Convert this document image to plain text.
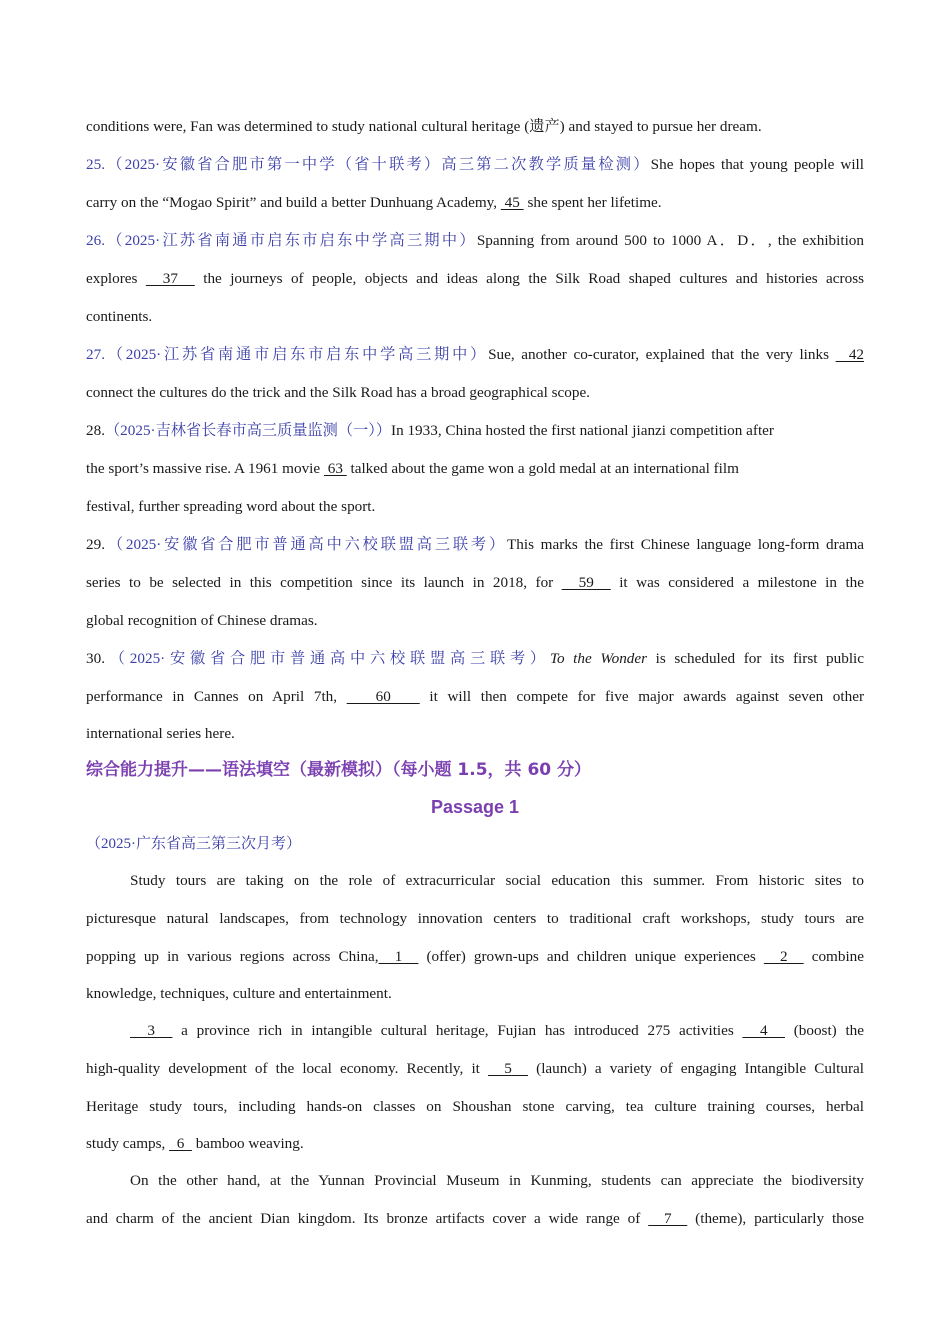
conditions were, Fan was determined to study national cultural heritage (遗产) and stayed to pursue her dream.
25.（2025·安徽省合肥市第一中学（省十联考）高三第二次教学质量检测）She hopes that young people will
carry on the “Mogao Spirit” and build a better Dunhuang Academy,  45  she spent her lifetime.
26.（2025·江苏省南通市启东市启东中学高三期中）Spanning from around 500 to 1000 A．D．, the exhibition
explores   37   the journeys of people, objects and ideas along the Silk Road shaped cultures and histories across
continents.
27.（2025·江苏省南通市启东市启东中学高三期中）Sue, another co-curator, explained that the very links   42
connect the cultures do the trick and the Silk Road has a broad geographical scope.
28.（2025·吉林省长春市高三质量监测（一））In 1933, China hosted the first national jianzi competition after
the sport’s massive rise. A 1961 movie  63  talked about the game won a gold medal at an international film
festival, further spreading word about the sport.
29.（2025·安徽省合肥市普通高中六校联盟高三联考）This marks the first Chinese language long-form drama
series to be selected in this competition since its launch in 2018, for   59   it was considered a milestone in the
global recognition of Chinese dramas.
30.（2025·安徽省合肥市普通高中六校联盟高三联考）To the Wonder is scheduled for its first public
performance in Cannes on April 7th,    60    it will then compete for five major awards against seven other
international series here.
综合能力提升——语法填空（最新模拟）（每小题 1.5，共 60 分）
Passage 1
（2025·广东省高三第三次月考）
Study tours are taking on the role of extracurricular social education this summer. From historic sites to
picturesque natural landscapes, from technology innovation centers to traditional craft workshops, study tours are
popping up in various regions across China,  1   (offer) grown-ups and children unique experiences   2   combine
knowledge, techniques, culture and entertainment.
3   a province rich in intangible cultural heritage, Fujian has introduced 275 activities   4   (boost) the
high-quality development of the local economy. Recently, it   5   (launch) a variety of engaging Intangible Cultural
Heritage study tours, including hands-on classes on Shoushan stone carving, tea culture training courses, herbal
study camps,   6   bamboo weaving.
On the other hand, at the Yunnan Provincial Museum in Kunming, students can appreciate the biodiversity
and charm of the ancient Dian kingdom. Its bronze artifacts cover a wide range of   7   (theme), particularly those
